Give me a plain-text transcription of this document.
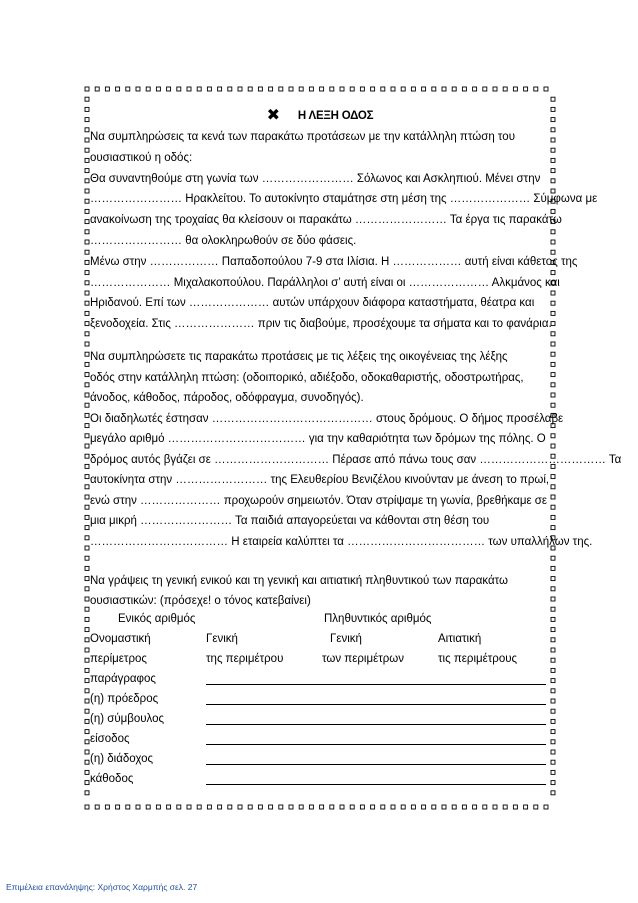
✖ Η ΛΕΞΗ ΟΔΟΣ
Να συμπληρώσεις τα κενά των παρακάτω προτάσεων με την κατάλληλη πτώση του
ουσιαστικού η οδός:
Θα συναντηθούμε στη γωνία των …………………… Σόλωνος και Ασκληπιού. Μένει στην
…………………… Ηρακλείτου. Το αυτοκίνητο σταμάτησε στη μέση της ………………… Σύμφωνα με
ανακοίνωση της τροχαίας θα κλείσουν οι παρακάτω …………………… Τα έργα τις παρακάτω
…………………… θα ολοκληρωθούν σε δύο φάσεις.
Μένω στην ……………… Παπαδοπούλου 7-9 στα Ιλίσια. Η ……………… αυτή είναι κάθετος της
………………… Μιχαλακοπούλου. Παράλληλοι σ’ αυτή είναι οι ………………… Αλκμάνος και
Ηριδανού. Επί των ………………… αυτών υπάρχουν διάφορα καταστήματα, θέατρα και
ξενοδοχεία. Στις ………………… πριν τις διαβούμε, προσέχουμε τα σήματα και το φανάρια.
Να συμπληρώσετε τις παρακάτω προτάσεις με τις λέξεις της οικογένειας της λέξης
οδός στην κατάλληλη πτώση: (οδοιπορικό, αδιέξοδο, οδοκαθαριστής, οδοστρωτήρας,
άνοδος, κάθοδος, πάροδος, οδόφραγμα, συνοδηγός).
Οι διαδηλωτές έστησαν …………………………………… στους δρόμους. Ο δήμος προσέλαβε
μεγάλο αριθμό ……………………………… για την καθαριότητα των δρόμων της πόλης. Ο
δρόμος αυτός βγάζει σε ………………………… Πέρασε από πάνω τους σαν …………………………… Τα
αυτοκίνητα στην …………………… της Ελευθερίου Βενιζέλου κινούνταν με άνεση το πρωί,
ενώ στην ………………… προχωρούν σημειωτόν. Όταν στρίψαμε τη γωνία, βρεθήκαμε σε
μια μικρή …………………… Τα παιδιά απαγορεύεται να κάθονται στη θέση του
……………………………… Η εταιρεία καλύπτει τα ……………………………… των υπαλλήλων της.
Να γράψεις τη γενική ενικού και τη γενική και αιτιατική πληθυντικού των παρακάτω
ουσιαστικών: (πρόσεχε! ο τόνος κατεβαίνει)
Ενικός αριθμός	Πληθυντικός αριθμός
Ονομαστική	Γενική	Γενική	Αιτιατική
περίμετρος	της περιμέτρου	των περιμέτρων	τις περιμέτρους
παράγραφος
(η) πρόεδρος
(η) σύμβουλος
είσοδος
(η) διάδοχος
κάθοδος
Επιμέλεια επανάληψης: Χρήστος Χαρμπής σελ. 27
